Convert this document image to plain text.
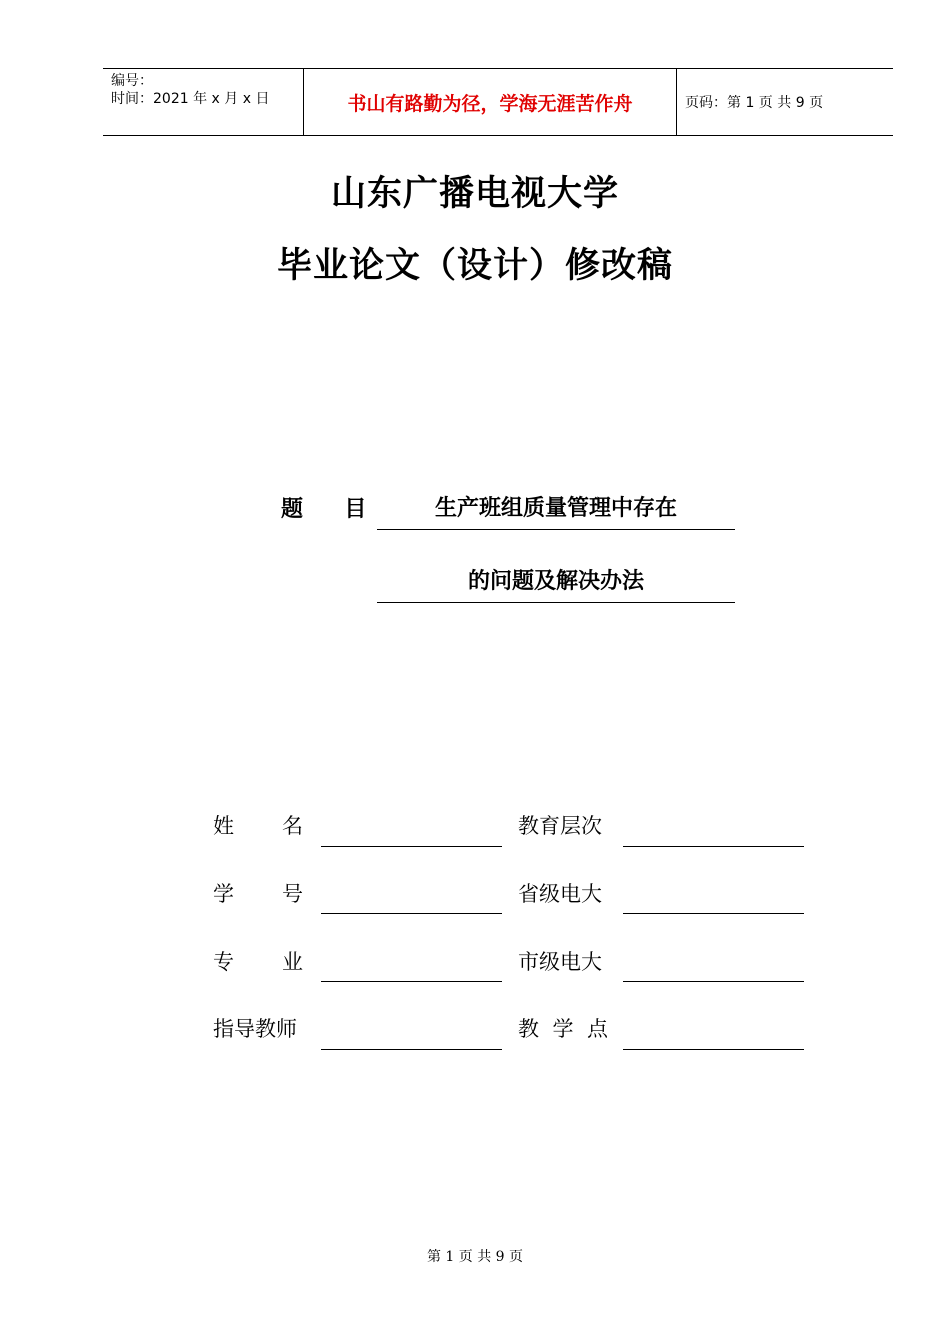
编号：
时间：2021 年 x 月 x 日	书山有路勤为径，学海无涯苦作舟	页码：第 1 页 共 9 页
山东广播电视大学
毕业论文（设计）修改稿
题 目	生产班组质量管理中存在
的问题及解决办法
姓 名	教育层次
学 号	省级电大
专 业	市级电大
指导教师	教 学 点
第 1 页 共 9 页
